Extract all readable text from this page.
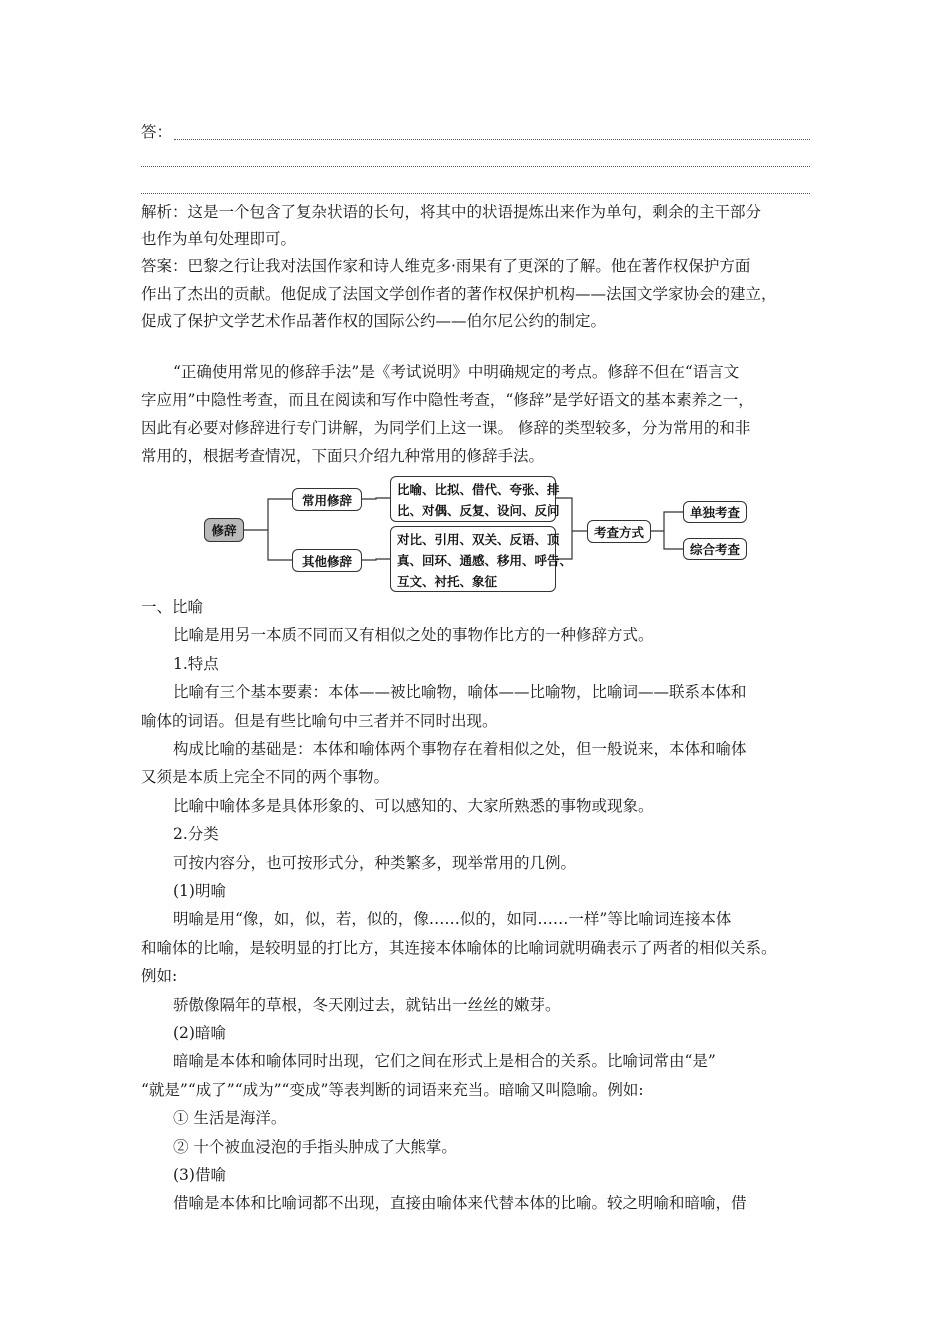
答：
解析：这是一个包含了复杂状语的长句，将其中的状语提炼出来作为单句，剩余的主干部分
也作为单句处理即可。
答案：巴黎之行让我对法国作家和诗人维克多·雨果有了更深的了解。他在著作权保护方面
作出了杰出的贡献。他促成了法国文学创作者的著作权保护机构——法国文学家协会的建立，
促成了保护文学艺术作品著作权的国际公约——伯尔尼公约的制定。
“正确使用常见的修辞手法”是《考试说明》中明确规定的考点。修辞不但在“语言文
字应用”中隐性考查，而且在阅读和写作中隐性考查，“修辞”是学好语文的基本素养之一，
因此有必要对修辞进行专门讲解，为同学们上这一课。 修辞的类型较多，分为常用的和非
常用的，根据考查情况，下面只介绍九种常用的修辞手法。
修辞
常用修辞
其他修辞
比喻、比拟、借代、夸张、排
比、对偶、反复、设问、反问
对比、引用、双关、反语、顶
真、回环、通感、移用、呼告、
互文、衬托、象征
考查方式
单独考查
综合考查
一、比喻
比喻是用另一本质不同而又有相似之处的事物作比方的一种修辞方式。
1.特点
比喻有三个基本要素：本体——被比喻物，喻体——比喻物，比喻词——联系本体和
喻体的词语。但是有些比喻句中三者并不同时出现。
构成比喻的基础是：本体和喻体两个事物存在着相似之处，但一般说来，本体和喻体
又须是本质上完全不同的两个事物。
比喻中喻体多是具体形象的、可以感知的、大家所熟悉的事物或现象。
2.分类
可按内容分，也可按形式分，种类繁多，现举常用的几例。
(1)明喻
明喻是用“像，如，似，若，似的，像……似的，如同……一样”等比喻词连接本体
和喻体的比喻，是较明显的打比方，其连接本体喻体的比喻词就明确表示了两者的相似关系。
例如:
骄傲像隔年的草根，冬天刚过去，就钻出一丝丝的嫩芽。
(2)暗喻
暗喻是本体和喻体同时出现，它们之间在形式上是相合的关系。比喻词常由“是”
“就是”“成了”“成为”“变成”等表判断的词语来充当。暗喻又叫隐喻。例如:
① 生活是海洋。
② 十个被血浸泡的手指头肿成了大熊掌。
(3)借喻
借喻是本体和比喻词都不出现，直接由喻体来代替本体的比喻。较之明喻和暗喻，借
